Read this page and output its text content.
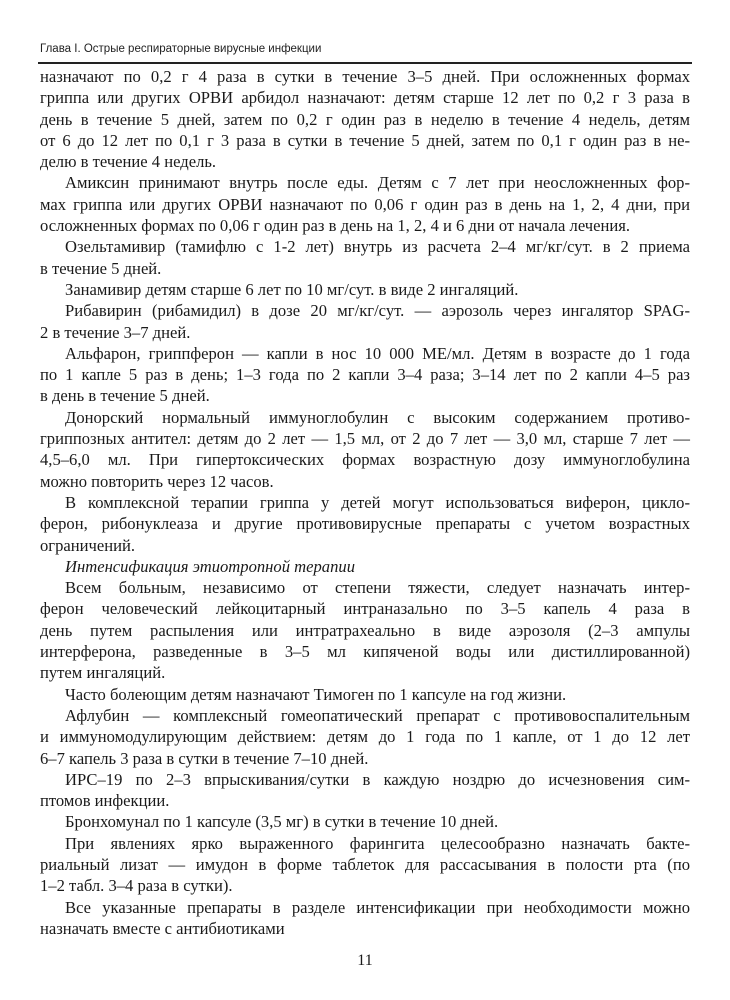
Глава I. Острые респираторные вирусные инфекции
назначают по 0,2 г 4 раза в сутки в течение 3–5 дней. При осложненных формах
гриппа или других ОРВИ арбидол назначают: детям старше 12 лет по 0,2 г 3 раза в
день в течение 5 дней, затем по 0,2 г один раз в неделю в течение 4 недель, детям
от 6 до 12 лет по 0,1 г 3 раза в сутки в течение 5 дней, затем по 0,1 г один раз в не-
делю в течение 4 недель.
Амиксин принимают внутрь после еды. Детям с 7 лет при неосложненных фор-
мах гриппа или других ОРВИ назначают по 0,06 г один раз в день на 1, 2, 4 дни, при
осложненных формах по 0,06 г один раз в день на 1, 2, 4 и 6 дни от начала лечения.
Озельтамивир (тамифлю с 1-2 лет) внутрь из расчета 2–4 мг/кг/сут. в 2 приема
в течение 5 дней.
Занамивир детям старше 6 лет по 10 мг/сут. в виде 2 ингаляций.
Рибавирин (рибамидил) в дозе 20 мг/кг/сут. — аэрозоль через ингалятор SPAG-
2 в течение 3–7 дней.
Альфарон, гриппферон — капли в нос 10 000 МЕ/мл. Детям в возрасте до 1 года
по 1 капле 5 раз в день; 1–3 года по 2 капли 3–4 раза; 3–14 лет по 2 капли 4–5 раз
в день в течение 5 дней.
Донорский нормальный иммуноглобулин с высоким содержанием противо-
гриппозных антител: детям до 2 лет — 1,5 мл, от 2 до 7 лет — 3,0 мл, старше 7 лет —
4,5–6,0 мл. При гипертоксических формах возрастную дозу иммуноглобулина
можно повторить через 12 часов.
В комплексной терапии гриппа у детей могут использоваться виферон, цикло-
ферон, рибонуклеаза и другие противовирусные препараты с учетом возрастных
ограничений.
Интенсификация этиотропной терапии
Всем больным, независимо от степени тяжести, следует назначать интер-
ферон человеческий лейкоцитарный интраназально по 3–5 капель 4 раза в
день путем распыления или интратрахеально в виде аэрозоля (2–3 ампулы
интерферона, разведенные в 3–5 мл кипяченой воды или дистиллированной)
путем ингаляций.
Часто болеющим детям назначают Тимоген по 1 капсуле на год жизни.
Афлубин — комплексный гомеопатический препарат с противовоспалительным
и иммуномодулирующим действием: детям до 1 года по 1 капле, от 1 до 12 лет
6–7 капель 3 раза в сутки в течение 7–10 дней.
ИРС–19 по 2–3 впрыскивания/сутки в каждую ноздрю до исчезновения сим-
птомов инфекции.
Бронхомунал по 1 капсуле (3,5 мг) в сутки в течение 10 дней.
При явлениях ярко выраженного фарингита целесообразно назначать бакте-
риальный лизат — имудон в форме таблеток для рассасывания в полости рта (по
1–2 табл. 3–4 раза в сутки).
Все указанные препараты в разделе интенсификации при необходимости можно
назначать вместе с антибиотиками
11
